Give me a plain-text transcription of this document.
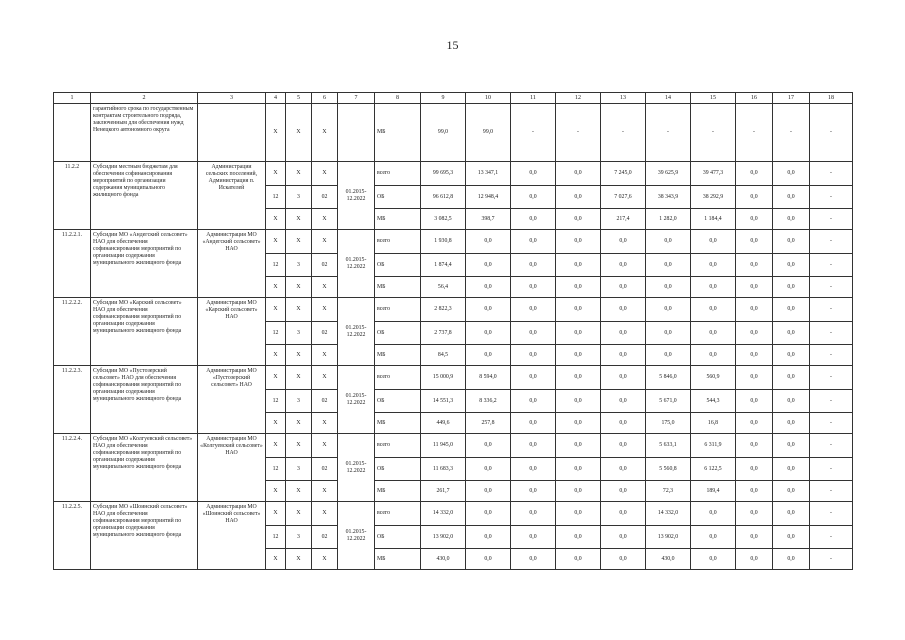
15
1	2	3	4	5	6	7	8	9	10	11	12	13	14	15	16	17	18
	гарантийного срока по государственным контрактам строительного подряда, заключенным для обеспечения нужд Ненецкого автономного округа		Х	Х	Х		МБ	99,0	99,0	-	-	-	-	-	-	-	-
11.2.2	Субсидии местным бюджетам для обеспечения софинансирования мероприятий по организации содержания муниципального жилищного фонда	Администрации сельских поселений, Администрация п. Искателей	Х	Х	Х	01.2015-12.2022	всего	99 695,3	13 347,1	0,0	0,0	7 245,0	39 625,9	39 477,3	0,0	0,0	-
			12	3	02		ОБ	96 612,8	12 948,4	0,0	0,0	7 027,6	38 343,9	38 292,9	0,0	0,0	-
			Х	Х	Х		МБ	3 082,5	398,7	0,0	0,0	217,4	1 282,0	1 184,4	0,0	0,0	-
11.2.2.1.	Субсидии МО «Андегский сельсовет» НАО для обеспечения софинансирования мероприятий по организации содержания муниципального жилищного фонда	Администрация МО «Андегский сельсовет» НАО	Х	Х	Х	01.2015-12.2022	всего	1 930,8	0,0	0,0	0,0	0,0	0,0	0,0	0,0	0,0	-
			12	3	02		ОБ	1 874,4	0,0	0,0	0,0	0,0	0,0	0,0	0,0	0,0	-
			Х	Х	Х		МБ	56,4	0,0	0,0	0,0	0,0	0,0	0,0	0,0	0,0	-
11.2.2.2.	Субсидии МО «Карский сельсовет» НАО для обеспечения софинансирования мероприятий по организации содержания муниципального жилищного фонда	Администрация МО «Карский сельсовет» НАО	Х	Х	Х	01.2015-12.2022	всего	2 822,3	0,0	0,0	0,0	0,0	0,0	0,0	0,0	0,0	-
			12	3	02		ОБ	2 737,8	0,0	0,0	0,0	0,0	0,0	0,0	0,0	0,0	-
			Х	Х	Х		МБ	84,5	0,0	0,0	0,0	0,0	0,0	0,0	0,0	0,0	-
11.2.2.3.	Субсидии МО «Пустозерский сельсовет» НАО для обеспечения софинансирования мероприятий по организации содержания муниципального жилищного фонда	Администрация МО «Пустозерский сельсовет» НАО	Х	Х	Х	01.2015-12.2022	всего	15 000,9	8 594,0	0,0	0,0	0,0	5 846,0	560,9	0,0	0,0	-
			12	3	02		ОБ	14 551,3	8 336,2	0,0	0,0	0,0	5 671,0	544,3	0,0	0,0	-
			Х	Х	Х		МБ	449,6	257,8	0,0	0,0	0,0	175,0	16,8	0,0	0,0	-
11.2.2.4.	Субсидии МО «Колгуевский сельсовет» НАО для обеспечения софинансирования мероприятий по организации содержания муниципального жилищного фонда	Администрация МО «Колгуевский сельсовет» НАО	Х	Х	Х	01.2015-12.2022	всего	11 945,0	0,0	0,0	0,0	0,0	5 633,1	6 311,9	0,0	0,0	-
			12	3	02		ОБ	11 683,3	0,0	0,0	0,0	0,0	5 560,8	6 122,5	0,0	0,0	-
			Х	Х	Х		МБ	261,7	0,0	0,0	0,0	0,0	72,3	189,4	0,0	0,0	-
11.2.2.5.	Субсидии МО «Шоинский сельсовет» НАО для обеспечения софинансирования мероприятий по организации содержания муниципального жилищного фонда	Администрация МО «Шоинский сельсовет» НАО	Х	Х	Х	01.2015-12.2022	всего	14 332,0	0,0	0,0	0,0	0,0	14 332,0	0,0	0,0	0,0	-
			12	3	02		ОБ	13 902,0	0,0	0,0	0,0	0,0	13 902,0	0,0	0,0	0,0	-
			Х	Х	Х		МБ	430,0	0,0	0,0	0,0	0,0	430,0	0,0	0,0	0,0	-
